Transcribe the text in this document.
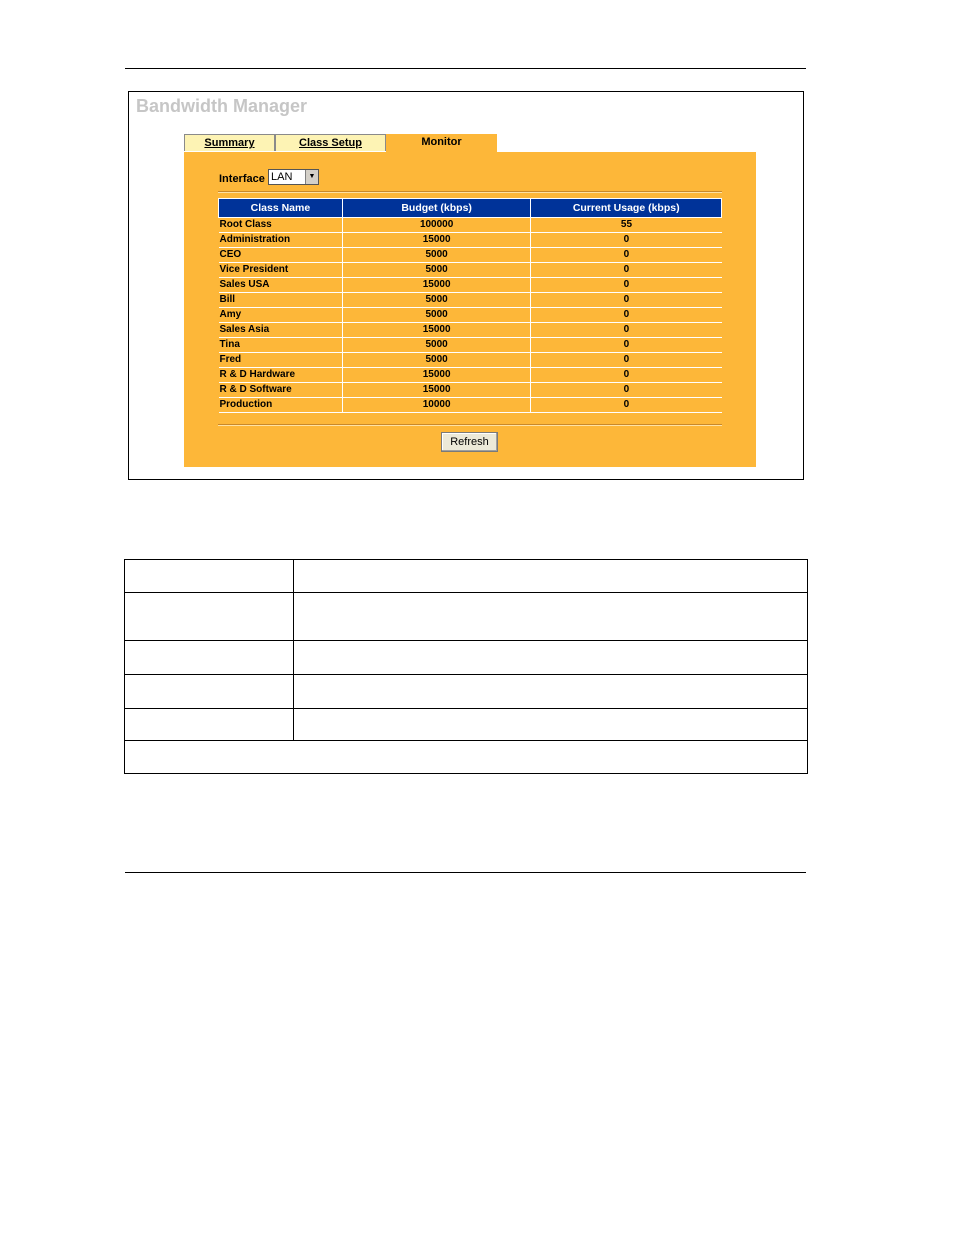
Bandwidth Manager
Summary	Class Setup	Monitor
Interface LAN	▼
Class Name	Budget (kbps)	Current Usage (kbps)
Root Class	100000	55
Administration	15000	0
CEO	5000	0
Vice President	5000	0
Sales USA	15000	0
Bill	5000	0
Amy	5000	0
Sales Asia	15000	0
Tina	5000	0
Fred	5000	0
R & D Hardware	15000	0
R & D Software	15000	0
Production	10000	0
Refresh
